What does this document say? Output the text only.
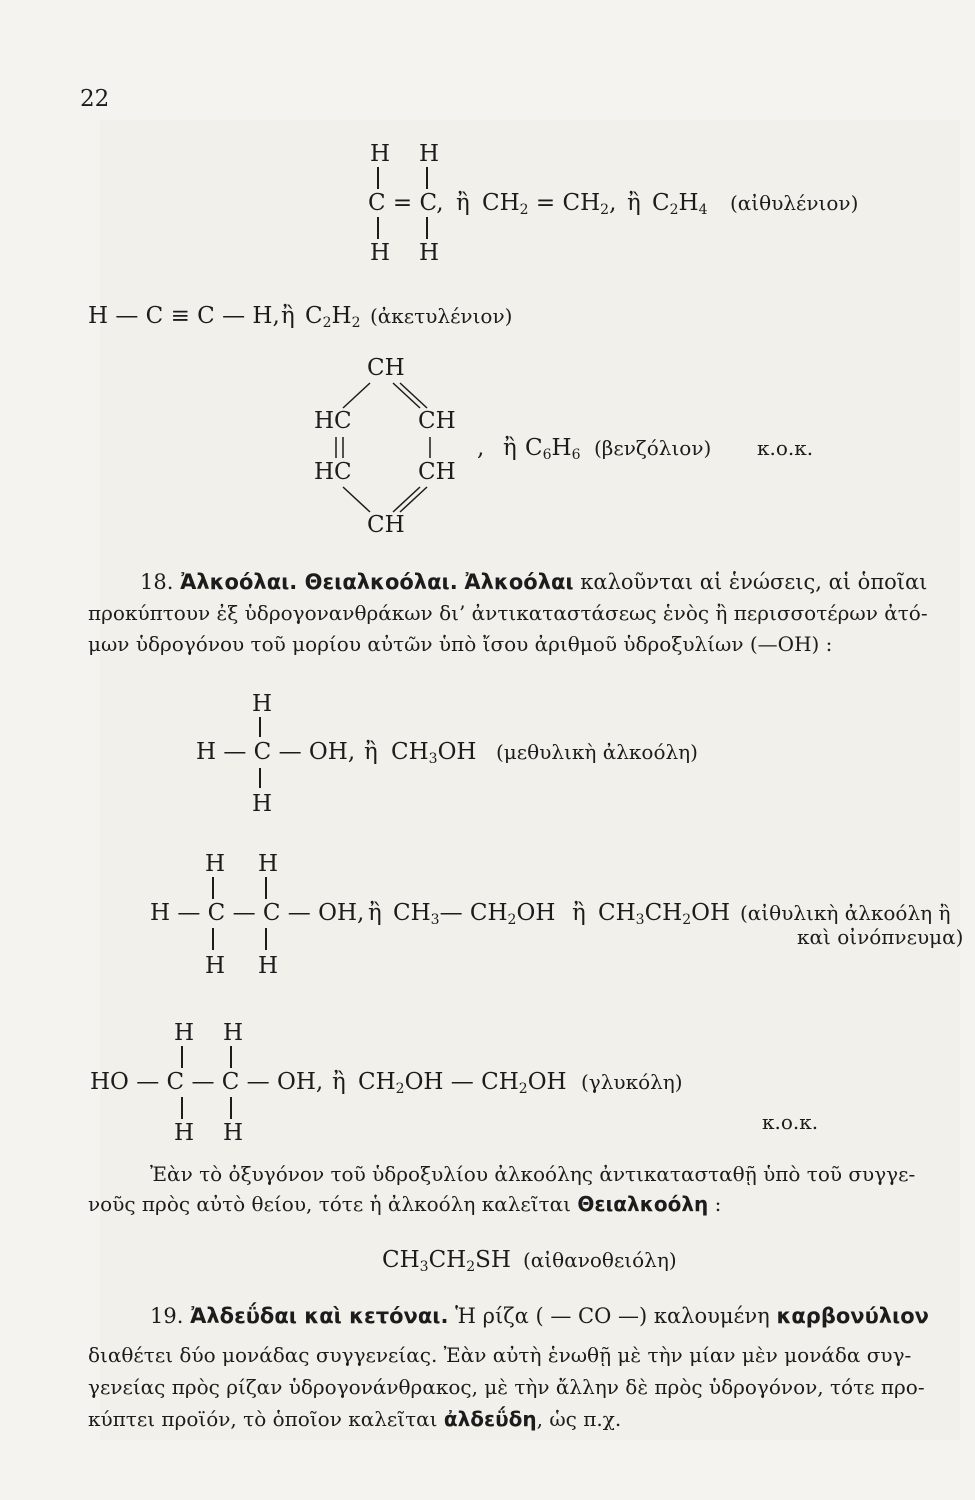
22
H H
C = C, ἢ CH2 = CH2, ἢ C2H4 (αἰθυλένιον)
H H
H — C ≡ C — H, ἢ C2H2 (ἀκετυλένιον)
CH
HC	CH
HC	CH
CH
, ἢ C6H6 (βενζόλιον) κ.ο.κ.
18. Ἀλκοόλαι. Θειαλκοόλαι. Ἀλκοόλαι καλοῦνται αἱ ἑνώσεις, αἱ ὁποῖαι
προκύπτουν ἐξ ὑδρογονανθράκων δι’ ἀντικαταστάσεως ἑνὸς ἢ περισσοτέρων ἀτό-
μων ὑδρογόνου τοῦ μορίου αὐτῶν ὑπὸ ἴσου ἀριθμοῦ ὑδροξυλίων (—OH) :
H
H — C — OH, ἢ CH3OH (μεθυλικὴ ἀλκοόλη)
H
H H
H — C — C — OH, ἢ CH3— CH2OH ἢ CH3CH2OH (αἰθυλικὴ ἀλκοόλη ἢ
καὶ οἰνόπνευμα)
H H
H H
HO — C — C — OH, ἢ CH2OH — CH2OH (γλυκόλη)
H H	κ.ο.κ.
Ἐὰν τὸ ὀξυγόνον τοῦ ὑδροξυλίου ἀλκοόλης ἀντικατασταθῇ ὑπὸ τοῦ συγγε-
νοῦς πρὸς αὐτὸ θείου, τότε ἡ ἀλκοόλη καλεῖται Θειαλκοόλη :
CH3CH2SH (αἰθανοθειόλη)
19. Ἀλδεΰδαι καὶ κετόναι. Ἡ ρίζα ( — CO —) καλουμένη καρβονύλιον
διαθέτει δύο μονάδας συγγενείας. Ἐὰν αὐτὴ ἑνωθῇ μὲ τὴν μίαν μὲν μονάδα συγ-
γενείας πρὸς ρίζαν ὑδρογονάνθρακος, μὲ τὴν ἄλλην δὲ πρὸς ὑδρογόνον, τότε προ-
κύπτει προϊόν, τὸ ὁποῖον καλεῖται ἀλδεΰδη, ὡς π.χ.
